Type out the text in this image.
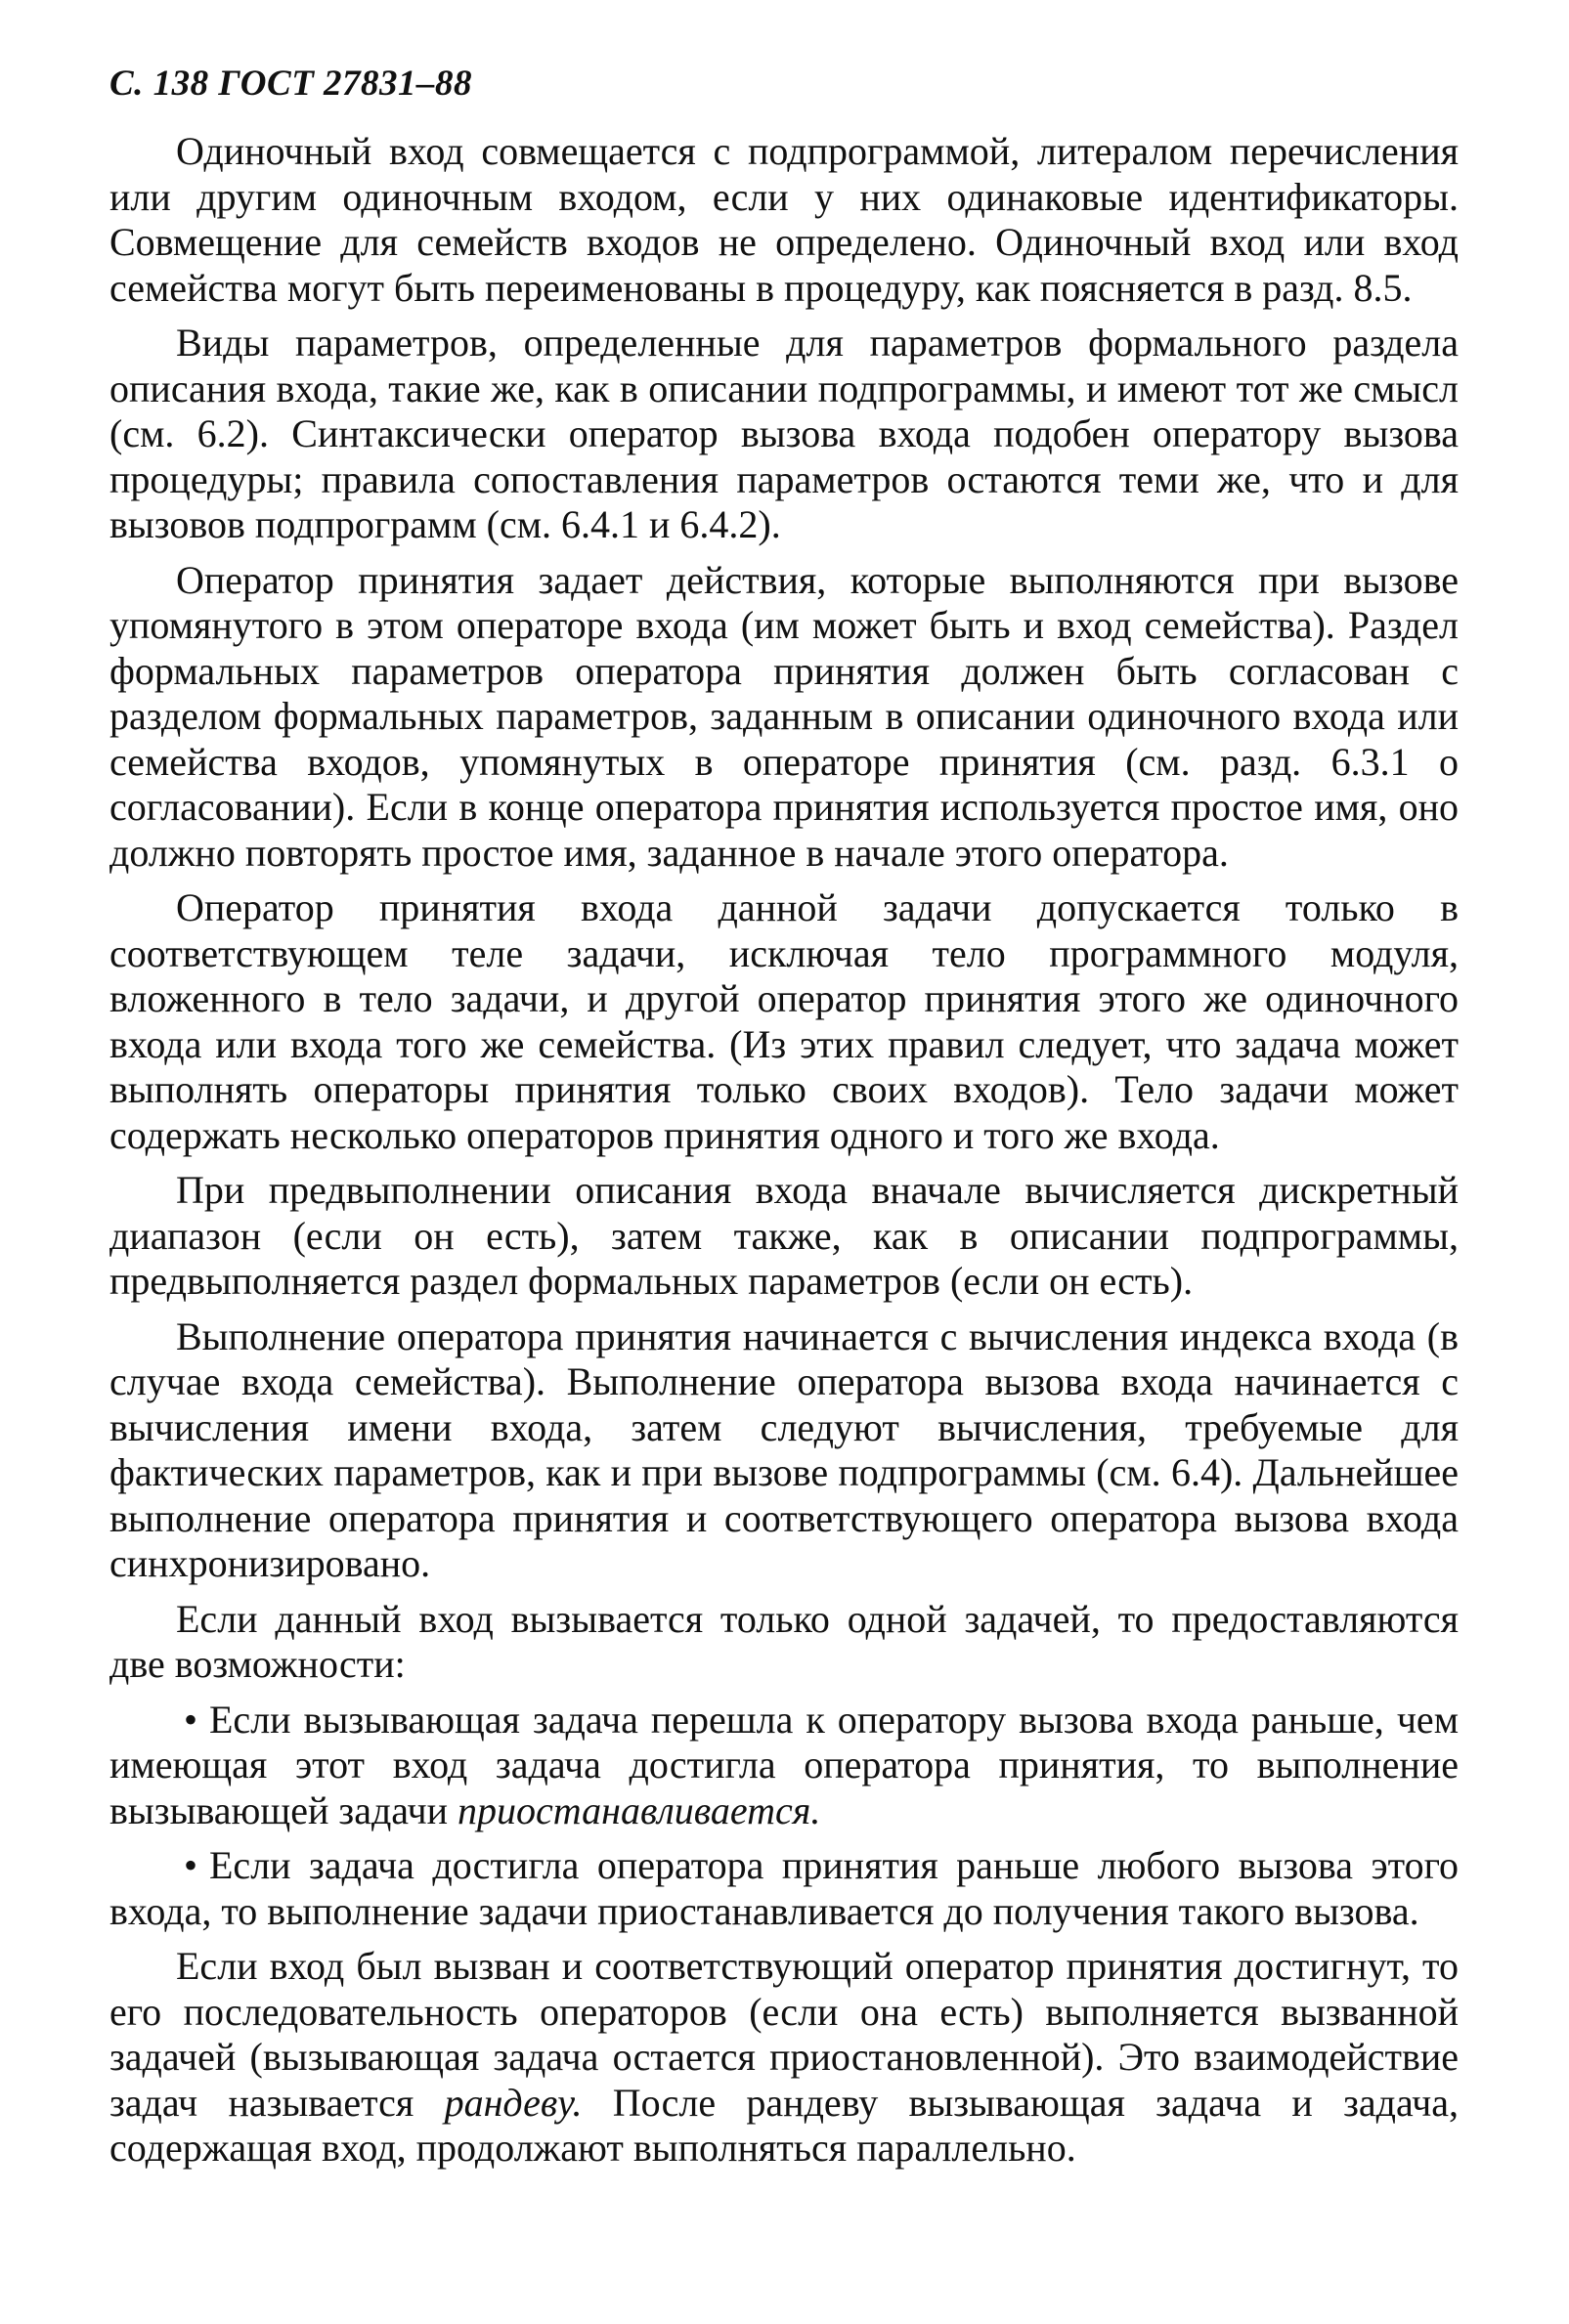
С. 138 ГОСТ 27831–88

Одиночный вход совмещается с подпрограммой, литералом перечисления или другим одиночным входом, если у них одинаковые идентификаторы. Совмещение для семейств входов не определено. Одиночный вход или вход семейства могут быть переименованы в процедуру, как поясняется в разд. 8.5.

Виды параметров, определенные для параметров формального раздела описания входа, такие же, как в описании подпрограммы, и имеют тот же смысл (см. 6.2). Синтаксически оператор вызова входа подобен оператору вызова процедуры; правила сопоставления параметров остаются теми же, что и для вызовов подпрограмм (см. 6.4.1 и 6.4.2).

Оператор принятия задает действия, которые выполняются при вызове упомянутого в этом операторе входа (им может быть и вход семейства). Раздел формальных параметров оператора принятия должен быть согласован с разделом формальных параметров, заданным в описании одиночного входа или семейства входов, упомянутых в операторе принятия (см. разд. 6.3.1 о согласовании). Если в конце оператора принятия используется простое имя, оно должно повторять простое имя, заданное в начале этого оператора.

Оператор принятия входа данной задачи допускается только в соответствующем теле задачи, исключая тело программного модуля, вложенного в тело задачи, и другой оператор принятия этого же одиночного входа или входа того же семейства. (Из этих правил следует, что задача может выполнять операторы принятия только своих входов). Тело задачи может содержать несколько операторов принятия одного и того же входа.

При предвыполнении описания входа вначале вычисляется дискретный диапазон (если он есть), затем также, как в описании подпрограммы, предвыполняется раздел формальных параметров (если он есть).

Выполнение оператора принятия начинается с вычисления индекса входа (в случае входа семейства). Выполнение оператора вызова входа начинается с вычисления имени входа, затем следуют вычисления, требуемые для фактических параметров, как и при вызове подпрограммы (см. 6.4). Дальнейшее выполнение оператора принятия и соответствующего оператора вызова входа синхронизировано.

Если данный вход вызывается только одной задачей, то предоставляются две возможности:

• Если вызывающая задача перешла к оператору вызова входа раньше, чем имеющая этот вход задача достигла оператора принятия, то выполнение вызывающей задачи приостанавливается.

• Если задача достигла оператора принятия раньше любого вызова этого входа, то выполнение задачи приостанавливается до получения такого вызова.

Если вход был вызван и соответствующий оператор принятия достигнут, то его последовательность операторов (если она есть) выполняется вызванной задачей (вызывающая задача остается приостановленной). Это взаимодействие задач называется рандеву. После рандеву вызывающая задача и задача, содержащая вход, продолжают выполняться параллельно.
